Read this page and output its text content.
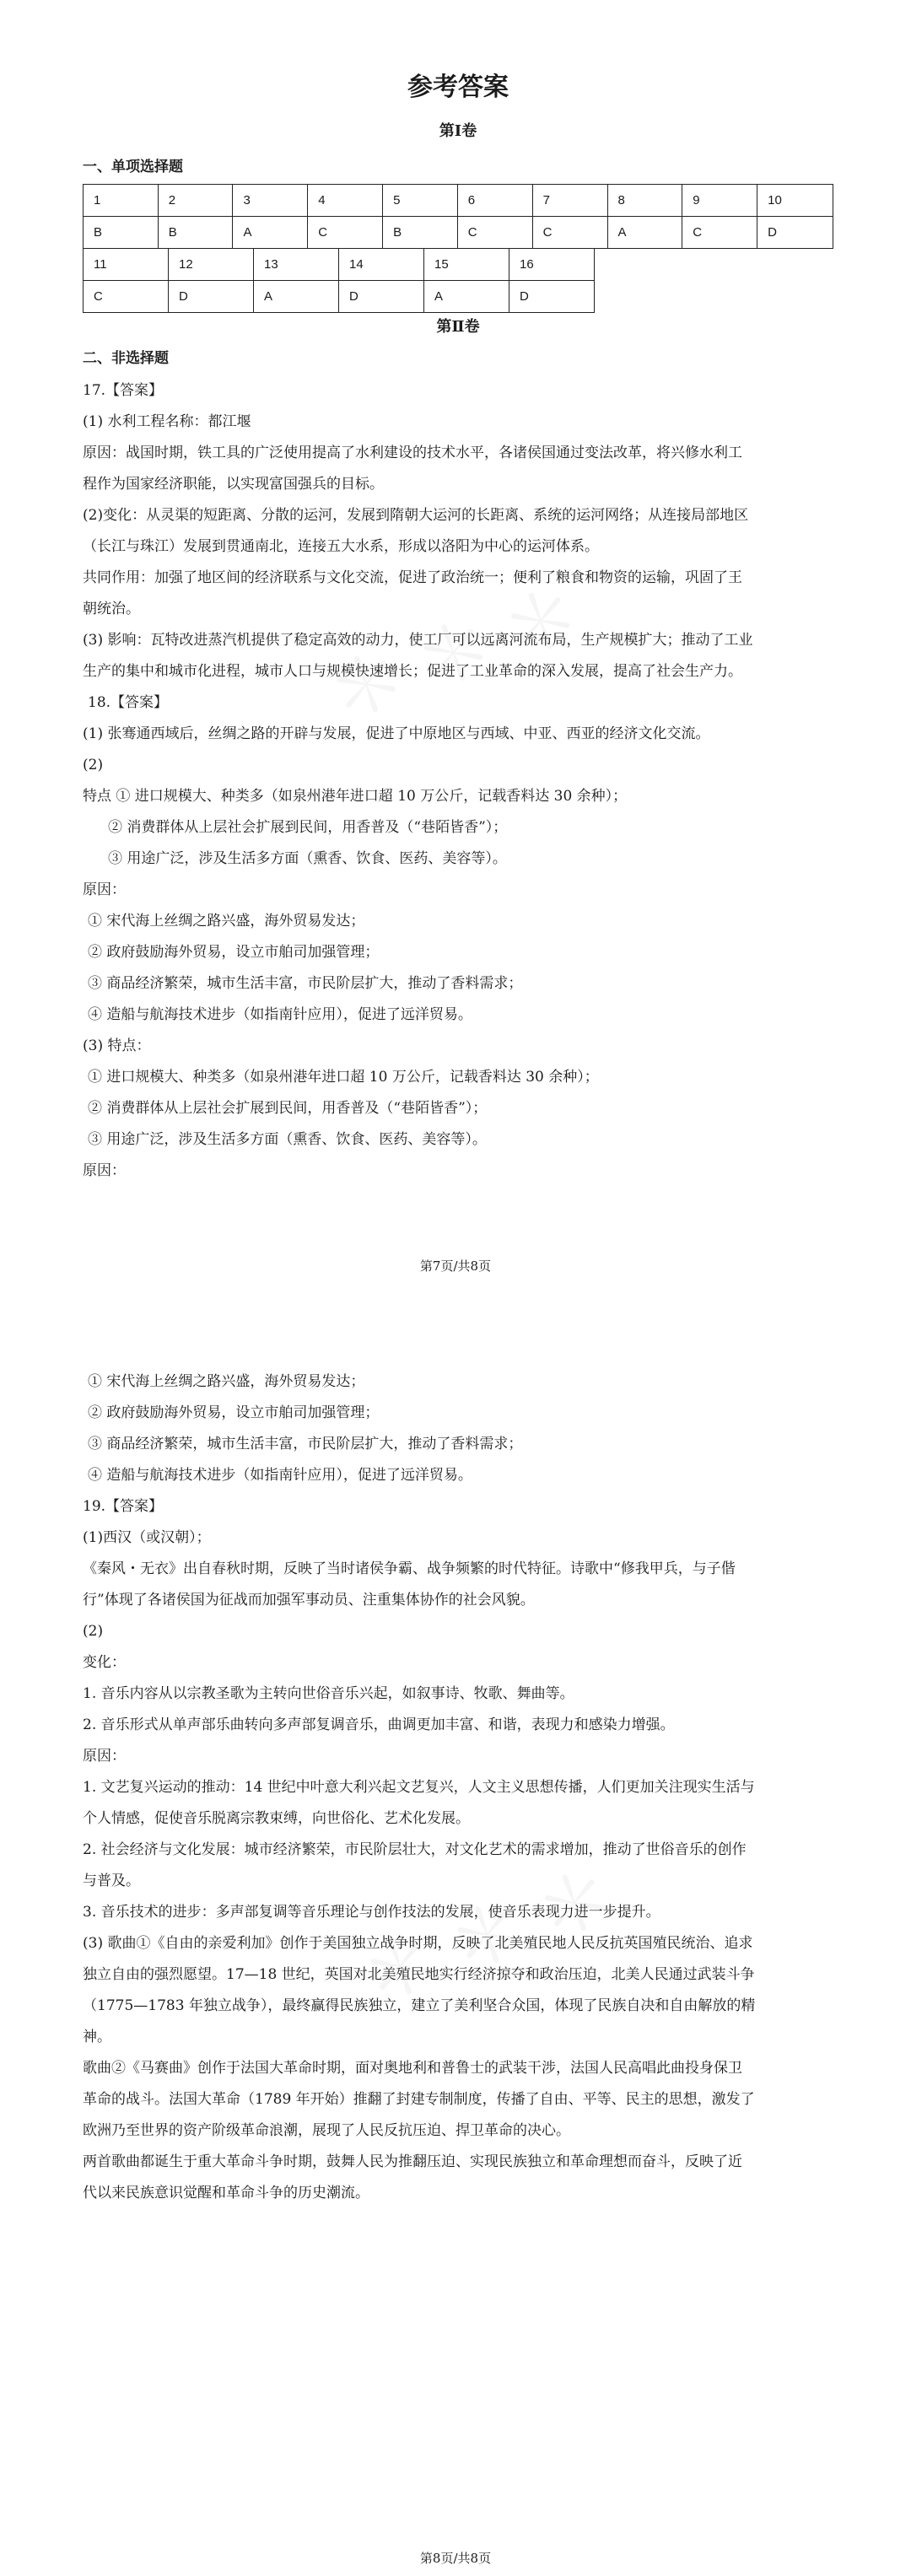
参考答案
第Ⅰ卷
一、单项选择题
1	2	3	4	5	6	7	8	9	10
B	B	A	C	B	C	C	A	C	D
11	12	13	14	15	16
C	D	A	D	A	D
第Ⅱ卷
二、非选择题

17.【答案】

(1) 水利工程名称：都江堰

原因：战国时期，铁工具的广泛使用提高了水利建设的技术水平，各诸侯国通过变法改革，将兴修水利工

程作为国家经济职能，以实现富国强兵的目标。

(2)变化：从灵渠的短距离、分散的运河，发展到隋朝大运河的长距离、系统的运河网络；从连接局部地区

（长江与珠江）发展到贯通南北，连接五大水系，形成以洛阳为中心的运河体系。

共同作用：加强了地区间的经济联系与文化交流，促进了政治统一；便利了粮食和物资的运输，巩固了王

朝统治。

(3) 影响：瓦特改进蒸汽机提供了稳定高效的动力，使工厂可以远离河流布局，生产规模扩大；推动了工业

生产的集中和城市化进程，城市人口与规模快速增长；促进了工业革命的深入发展，提高了社会生产力。

18.【答案】

(1) 张骞通西域后，丝绸之路的开辟与发展，促进了中原地区与西域、中亚、西亚的经济文化交流。

(2)

特点 ① 进口规模大、种类多（如泉州港年进口超 10 万公斤，记载香料达 30 余种）；

② 消费群体从上层社会扩展到民间，用香普及（“巷陌皆香”）；

③ 用途广泛，涉及生活多方面（熏香、饮食、医药、美容等）。

原因：

① 宋代海上丝绸之路兴盛，海外贸易发达；

② 政府鼓励海外贸易，设立市舶司加强管理；

③ 商品经济繁荣，城市生活丰富，市民阶层扩大，推动了香料需求；

④ 造船与航海技术进步（如指南针应用），促进了远洋贸易。

(3) 特点：

① 进口规模大、种类多（如泉州港年进口超 10 万公斤，记载香料达 30 余种）；

② 消费群体从上层社会扩展到民间，用香普及（“巷陌皆香”）；

③ 用途广泛，涉及生活多方面（熏香、饮食、医药、美容等）。

原因：

第7页/共8页

① 宋代海上丝绸之路兴盛，海外贸易发达；

② 政府鼓励海外贸易，设立市舶司加强管理；

③ 商品经济繁荣，城市生活丰富，市民阶层扩大，推动了香料需求；

④ 造船与航海技术进步（如指南针应用），促进了远洋贸易。

19.【答案】

(1)西汉（或汉朝）；

《秦风・无衣》出自春秋时期，反映了当时诸侯争霸、战争频繁的时代特征。诗歌中“修我甲兵，与子偕

行”体现了各诸侯国为征战而加强军事动员、注重集体协作的社会风貌。

(2)

变化：

1. 音乐内容从以宗教圣歌为主转向世俗音乐兴起，如叙事诗、牧歌、舞曲等。

2. 音乐形式从单声部乐曲转向多声部复调音乐，曲调更加丰富、和谐，表现力和感染力增强。

原因：

1. 文艺复兴运动的推动：14 世纪中叶意大利兴起文艺复兴，人文主义思想传播，人们更加关注现实生活与

个人情感，促使音乐脱离宗教束缚，向世俗化、艺术化发展。

2. 社会经济与文化发展：城市经济繁荣，市民阶层壮大，对文化艺术的需求增加，推动了世俗音乐的创作

与普及。

3. 音乐技术的进步：多声部复调等音乐理论与创作技法的发展，使音乐表现力进一步提升。

(3) 歌曲①《自由的亲爱利加》创作于美国独立战争时期，反映了北美殖民地人民反抗英国殖民统治、追求

独立自由的强烈愿望。17—18 世纪，英国对北美殖民地实行经济掠夺和政治压迫，北美人民通过武装斗争

（1775—1783 年独立战争），最终赢得民族独立，建立了美利坚合众国，体现了民族自决和自由解放的精

神。

歌曲②《马赛曲》创作于法国大革命时期，面对奥地利和普鲁士的武装干涉，法国人民高唱此曲投身保卫

革命的战斗。法国大革命（1789 年开始）推翻了封建专制制度，传播了自由、平等、民主的思想，激发了

欧洲乃至世界的资产阶级革命浪潮，展现了人民反抗压迫、捍卫革命的决心。

两首歌曲都诞生于重大革命斗争时期，鼓舞人民为推翻压迫、实现民族独立和革命理想而奋斗，反映了近

代以来民族意识觉醒和革命斗争的历史潮流。

第8页/共8页
